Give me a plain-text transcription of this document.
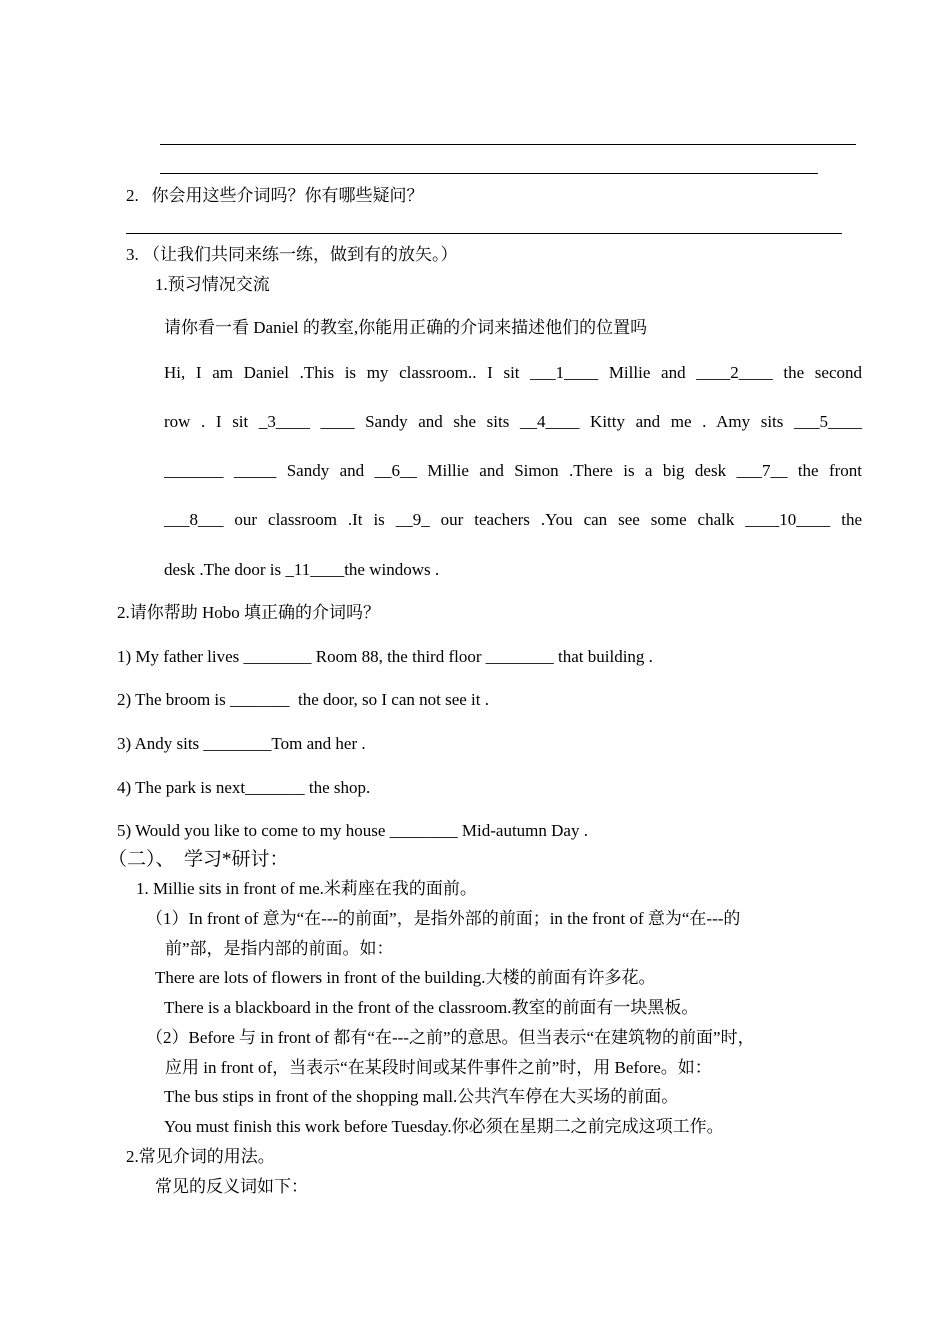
2.   你会用这些介词吗？你有哪些疑问？
3. （让我们共同来练一练，做到有的放矢。）
1.预习情况交流
请你看一看 Daniel 的教室,你能用正确的介词来描述他们的位置吗
Hi, I am Daniel .This is my classroom.. I sit ___1____ Millie and ____2____ the second
row . I sit _3____ ____ Sandy and she sits __4____ Kitty and me . Amy sits ___5____
_______ _____ Sandy and __6__ Millie and Simon .There is a big desk ___7__ the front
___8___ our classroom .It is __9_ our teachers .You can see some chalk ____10____ the
desk .The door is _11____the windows .
2.请你帮助 Hobo 填正确的介词吗？
1) My father lives ________ Room 88, the third floor ________ that building .
2) The broom is _______  the door, so I can not see it .
3) Andy sits ________Tom and her .
4) The park is next_______ the shop.
5) Would you like to come to my house ________ Mid-autumn Day .
（二）、  学习*研讨：
1. Millie sits in front of me.米莉座在我的面前。
（1）In front of 意为“在---的前面”，是指外部的前面；in the front of 意为“在---的
前”部，是指内部的前面。如：
There are lots of flowers in front of the building.大楼的前面有许多花。
There is a blackboard in the front of the classroom.教室的前面有一块黑板。
（2）Before 与 in front of 都有“在---之前”的意思。但当表示“在建筑物的前面”时，
应用 in front of，当表示“在某段时间或某件事件之前”时，用 Before。如：
The bus stips in front of the shopping mall.公共汽车停在大买场的前面。
You must finish this work before Tuesday.你必须在星期二之前完成这项工作。
2.常见介词的用法。
常见的反义词如下：
